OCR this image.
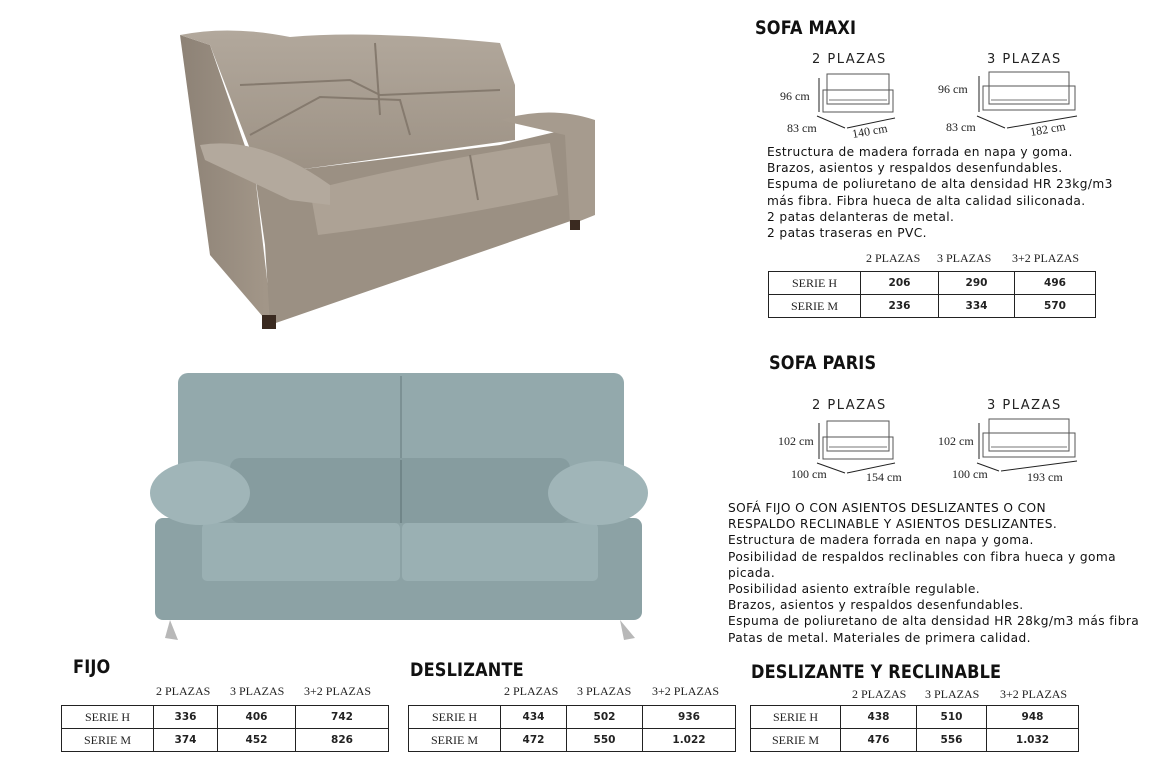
SOFA MAXI
2 PLAZAS
96 cm
83 cm	140 cm
3 PLAZAS
96 cm
83 cm	182 cm
Estructura de madera forrada en napa y goma.
Brazos, asientos y respaldos desenfundables.
Espuma de poliuretano de alta densidad HR 23kg/m3
más fibra. Fibra hueca de alta calidad siliconada.
2 patas delanteras de metal.
2 patas traseras en PVC.
2 PLAZAS 3 PLAZAS 3+2 PLAZAS
SERIE H	206	290	496
SERIE M	236	334	570
SOFA PARIS
2 PLAZAS
102 cm
100 cm	154 cm
3 PLAZAS
102 cm
100 cm	193 cm
SOFÁ FIJO O CON ASIENTOS DESLIZANTES O CON
RESPALDO RECLINABLE Y ASIENTOS DESLIZANTES.
Estructura de madera forrada en napa y goma.
Posibilidad de respaldos reclinables con fibra hueca y goma
picada.
Posibilidad asiento extraíble regulable.
Brazos, asientos y respaldos desenfundables.
Espuma de poliuretano de alta densidad HR 28kg/m3 más fibra
Patas de metal. Materiales de primera calidad.
FIJO
2 PLAZAS 3 PLAZAS 3+2 PLAZAS
SERIE H	336	406	742
SERIE M	374	452	826
DESLIZANTE
2 PLAZAS 3 PLAZAS 3+2 PLAZAS
SERIE H	434	502	936
SERIE M	472	550	1.022
DESLIZANTE Y RECLINABLE
2 PLAZAS 3 PLAZAS 3+2 PLAZAS
SERIE H	438	510	948
SERIE M	476	556	1.032
